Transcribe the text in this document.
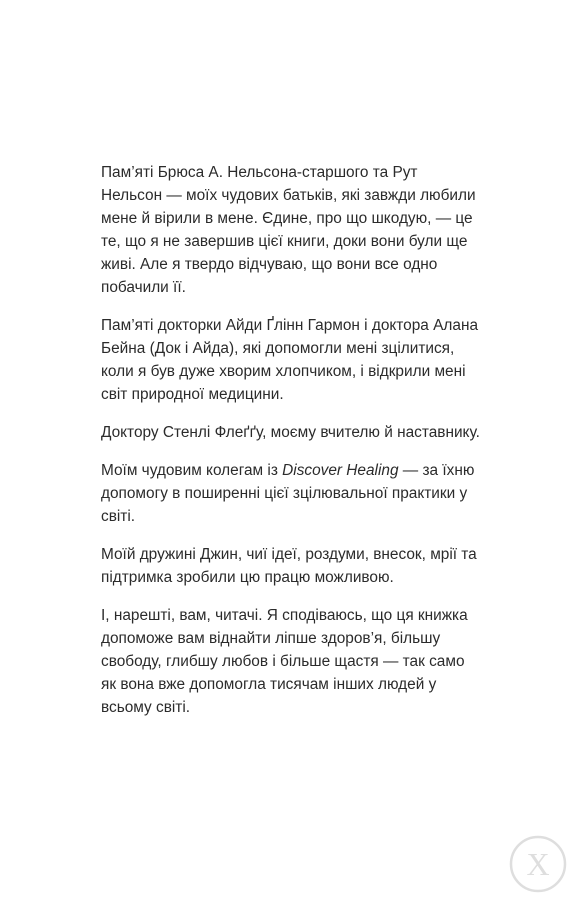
Пам’яті Брюса А. Нельсона-старшого та Рут Нельсон — моїх чудових батьків, які завжди любили мене й вірили в мене. Єдине, про що шкодую, — це те, що я не завершив цієї книги, доки вони були ще живі. Але я твердо відчуваю, що вони все одно побачили її.

Пам’яті докторки Айди Ґлінн Гармон і доктора Алана Бейна (Док і Айда), які допомогли мені зцілитися, коли я був дуже хворим хлопчиком, і відкрили мені світ природної медицини.

Доктору Стенлі Флеґґу, моєму вчителю й наставнику.

Моїм чудовим колегам із Discover Healing — за їхню допомогу в поширенні цієї зцілювальної практики у світі.

Моїй дружині Джин, чиї ідеї, роздуми, внесок, мрії та підтримка зробили цю працю можливою.

І, нарешті, вам, читачі. Я сподіваюсь, що ця книжка допоможе вам віднайти ліпше здоров’я, більшу свободу, глибшу любов і більше щастя — так само як вона вже допомогла тисячам інших людей у всьому світі.

X
